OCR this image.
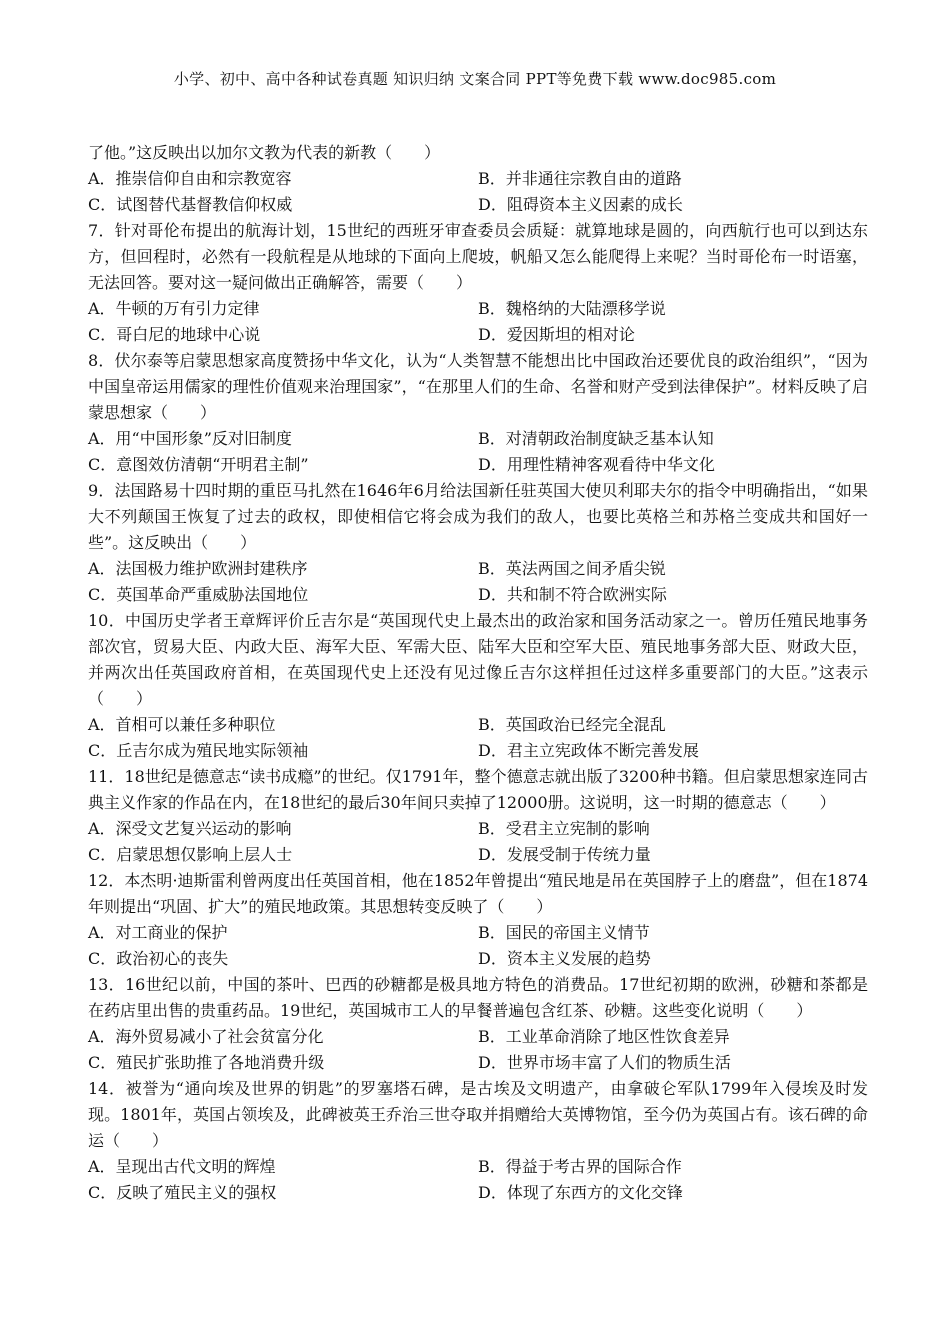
小学、初中、高中各种试卷真题 知识归纳 文案合同 PPT等免费下载 www.doc985.com

了他。”这反映出以加尔文教为代表的新教（　　）

A．推崇信仰自由和宗教宽容	B．并非通往宗教自由的道路
C．试图替代基督教信仰权威	D．阻碍资本主义因素的成长

7．针对哥伦布提出的航海计划，15世纪的西班牙审查委员会质疑：就算地球是圆的，向西航行也可以到达东方，但回程时，必然有一段航程是从地球的下面向上爬坡，帆船又怎么能爬得上来呢？当时哥伦布一时语塞，无法回答。要对这一疑问做出正确解答，需要（　　）

A．牛顿的万有引力定律	B．魏格纳的大陆漂移学说
C．哥白尼的地球中心说	D．爱因斯坦的相对论

8．伏尔泰等启蒙思想家高度赞扬中华文化，认为“人类智慧不能想出比中国政治还要优良的政治组织”，“因为中国皇帝运用儒家的理性价值观来治理国家”，“在那里人们的生命、名誉和财产受到法律保护”。材料反映了启蒙思想家（　　）

A．用“中国形象”反对旧制度	B．对清朝政治制度缺乏基本认知
C．意图效仿清朝“开明君主制”	D．用理性精神客观看待中华文化

9．法国路易十四时期的重臣马扎然在1646年6月给法国新任驻英国大使贝利耶夫尔的指令中明确指出，“如果大不列颠国王恢复了过去的政权，即使相信它将会成为我们的敌人，也要比英格兰和苏格兰变成共和国好一些”。这反映出（　　）

A．法国极力维护欧洲封建秩序	B．英法两国之间矛盾尖锐
C．英国革命严重威胁法国地位	D．共和制不符合欧洲实际

10．中国历史学者王章辉评价丘吉尔是“英国现代史上最杰出的政治家和国务活动家之一。曾历任殖民地事务部次官，贸易大臣、内政大臣、海军大臣、军需大臣、陆军大臣和空军大臣、殖民地事务部大臣、财政大臣，并两次出任英国政府首相，在英国现代史上还没有见过像丘吉尔这样担任过这样多重要部门的大臣。”这表示（　　）

A．首相可以兼任多种职位	B．英国政治已经完全混乱
C．丘吉尔成为殖民地实际领袖	D．君主立宪政体不断完善发展

11．18世纪是德意志“读书成瘾”的世纪。仅1791年，整个德意志就出版了3200种书籍。但启蒙思想家连同古典主义作家的作品在内，在18世纪的最后30年间只卖掉了12000册。这说明，这一时期的德意志（　　）

A．深受文艺复兴运动的影响	B．受君主立宪制的影响
C．启蒙思想仅影响上层人士	D．发展受制于传统力量

12．本杰明·迪斯雷利曾两度出任英国首相，他在1852年曾提出“殖民地是吊在英国脖子上的磨盘”，但在1874年则提出“巩固、扩大”的殖民地政策。其思想转变反映了（　　）

A．对工商业的保护	B．国民的帝国主义情节
C．政治初心的丧失	D．资本主义发展的趋势

13．16世纪以前，中国的茶叶、巴西的砂糖都是极具地方特色的消费品。17世纪初期的欧洲，砂糖和茶都是在药店里出售的贵重药品。19世纪，英国城市工人的早餐普遍包含红茶、砂糖。这些变化说明（　　）

A．海外贸易减小了社会贫富分化	B．工业革命消除了地区性饮食差异
C．殖民扩张助推了各地消费升级	D．世界市场丰富了人们的物质生活

14．被誉为“通向埃及世界的钥匙”的罗塞塔石碑，是古埃及文明遗产，由拿破仑军队1799年入侵埃及时发现。1801年，英国占领埃及，此碑被英王乔治三世夺取并捐赠给大英博物馆，至今仍为英国占有。该石碑的命运（　　）

A．呈现出古代文明的辉煌	B．得益于考古界的国际合作
C．反映了殖民主义的强权	D．体现了东西方的文化交锋
